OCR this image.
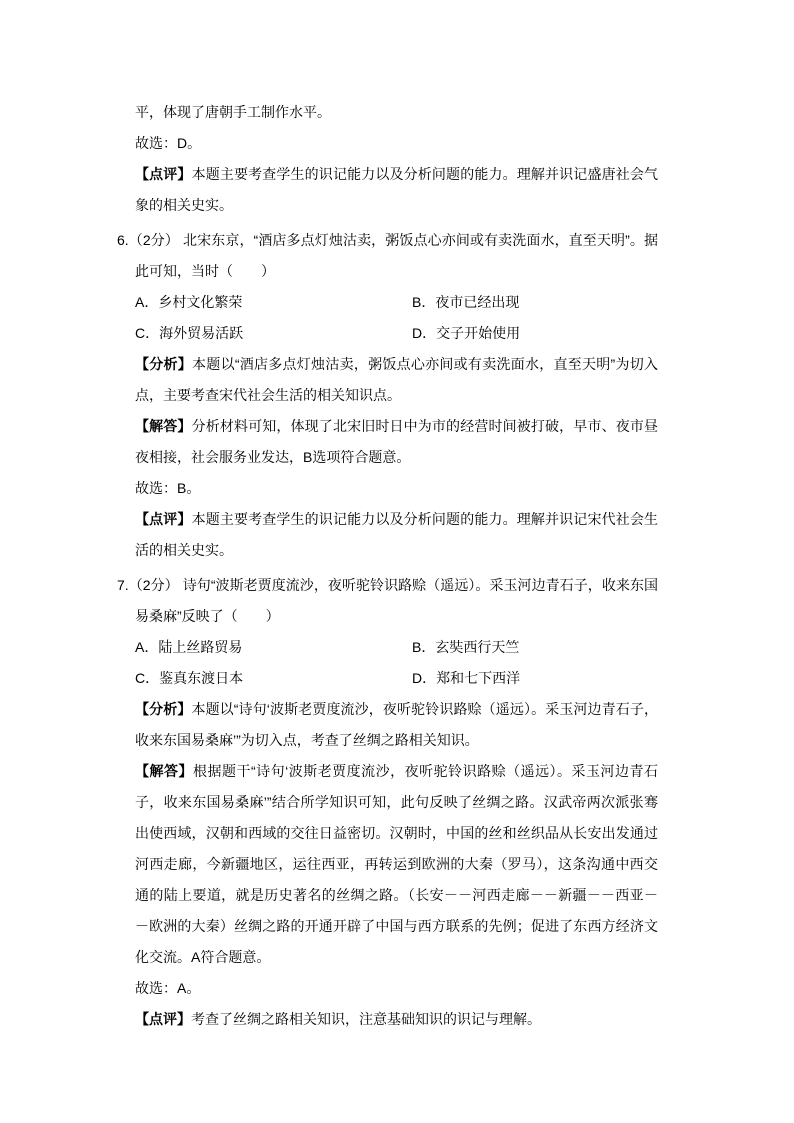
平，体现了唐朝手工制作水平。

故选：D。

【点评】本题主要考查学生的识记能力以及分析问题的能力。理解并识记盛唐社会气象的相关史实。

6.（2分） 北宋东京，“酒店多点灯烛沽卖，粥饭点心亦间或有卖洗面水，直至天明”。据此可知，当时（　　）

A．乡村文化繁荣	B．夜市已经出现
C．海外贸易活跃	D．交子开始使用

【分析】本题以“酒店多点灯烛沽卖，粥饭点心亦间或有卖洗面水，直至天明”为切入点，主要考查宋代社会生活的相关知识点。

【解答】分析材料可知，体现了北宋旧时日中为市的经营时间被打破，早市、夜市昼夜相接，社会服务业发达，B选项符合题意。

故选：B。

【点评】本题主要考查学生的识记能力以及分析问题的能力。理解并识记宋代社会生活的相关史实。

7.（2分） 诗句“波斯老贾度流沙，夜听驼铃识路赊（遥远）。采玉河边青石子，收来东国易桑麻”反映了（　　）

A．陆上丝路贸易	B．玄奘西行天竺
C．鉴真东渡日本	D．郑和七下西洋

【分析】本题以“诗句‘波斯老贾度流沙，夜听驼铃识路赊（遥远）。采玉河边青石子，收来东国易桑麻’”为切入点，考查了丝绸之路相关知识。

【解答】根据题干“诗句‘波斯老贾度流沙，夜听驼铃识路赊（遥远）。采玉河边青石子，收来东国易桑麻’”结合所学知识可知，此句反映了丝绸之路。汉武帝两次派张骞出使西域，汉朝和西域的交往日益密切。汉朝时，中国的丝和丝织品从长安出发通过河西走廊，今新疆地区，运往西亚，再转运到欧洲的大秦（罗马），这条沟通中西交通的陆上要道，就是历史著名的丝绸之路。（长安－－河西走廊－－新疆－－西亚－－欧洲的大秦）丝绸之路的开通开辟了中国与西方联系的先例；促进了东西方经济文化交流。A符合题意。

故选：A。

【点评】考查了丝绸之路相关知识，注意基础知识的识记与理解。
